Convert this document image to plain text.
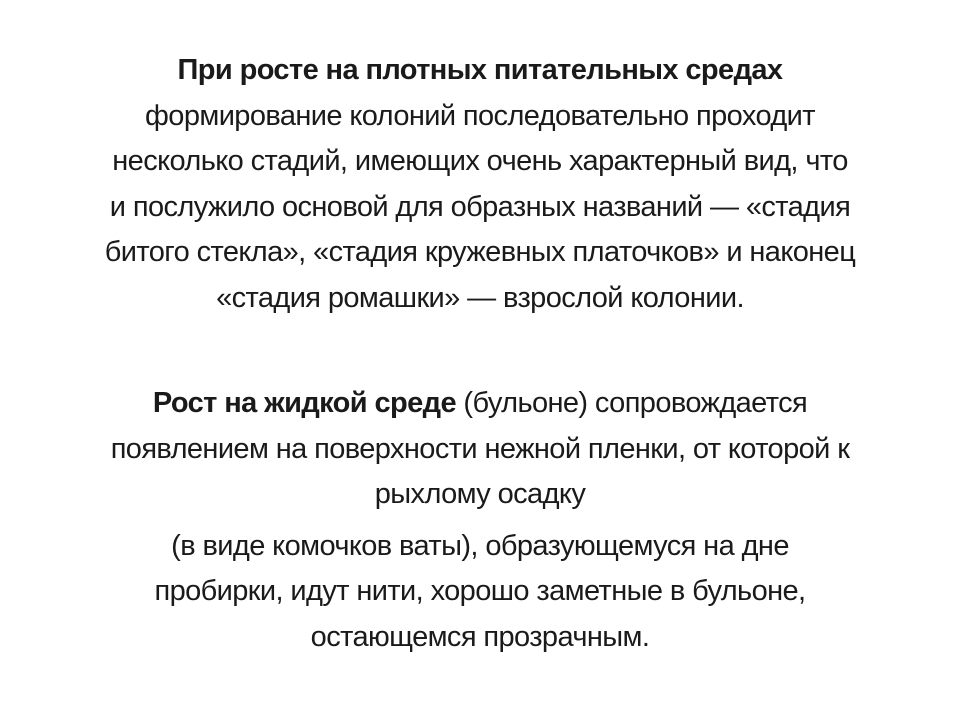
При росте на плотных питательных средах
формирование колоний последовательно проходит
несколько стадий, имеющих очень характерный вид, что
и послужило основой для образных названий — «стадия
битого стекла», «стадия кружевных платочков» и наконец
«стадия ромашки» — взрослой колонии.

Рост на жидкой среде (бульоне) сопровождается
появлением на поверхности нежной пленки, от которой к
рыхлому осадку

(в виде комочков ваты), образующемуся на дне
пробирки, идут нити, хорошо заметные в бульоне,
остающемся прозрачным.
